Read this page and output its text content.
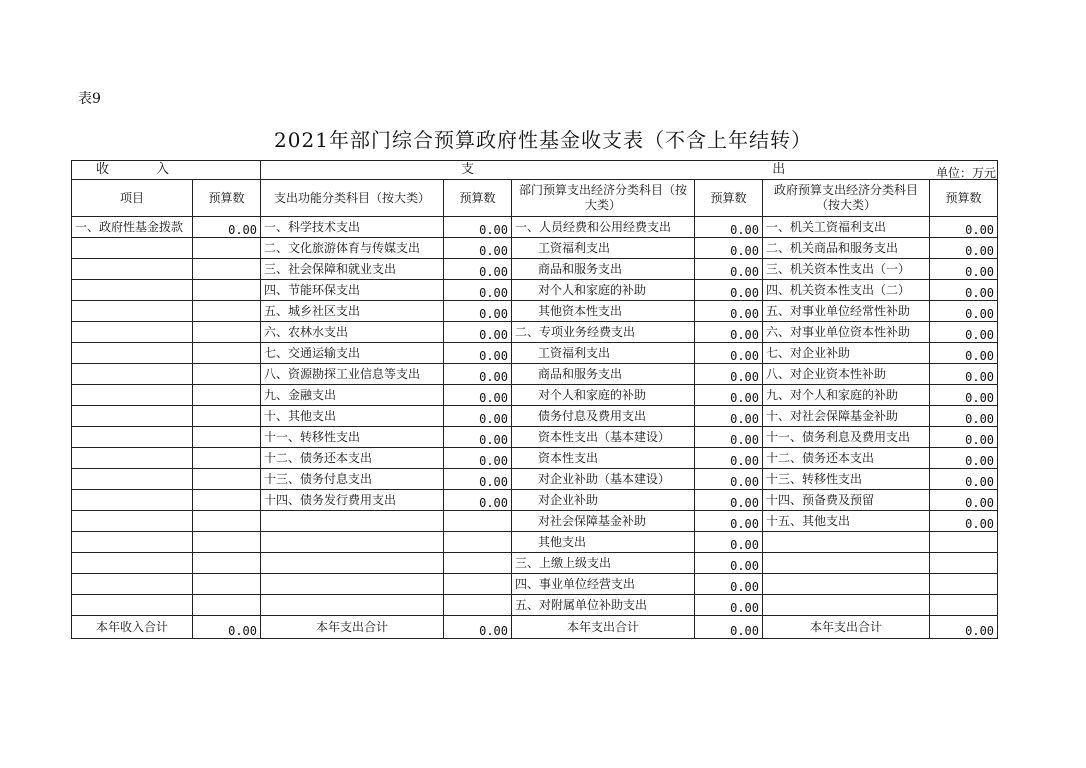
表9
2021年部门综合预算政府性基金收支表（不含上年结转）
单位：万元
收 入		支 出					
项目	预算数	支出功能分类科目（按大类）	预算数	部门预算支出经济分类科目（按大类）	预算数	政府预算支出经济分类科目（按大类）	预算数
一、政府性基金拨款	0.00	一、科学技术支出	0.00	一、人员经费和公用经费支出	0.00	一、机关工资福利支出	0.00
		二、文化旅游体育与传媒支出	0.00	工资福利支出	0.00	二、机关商品和服务支出	0.00
		三、社会保障和就业支出	0.00	商品和服务支出	0.00	三、机关资本性支出（一）	0.00
		四、节能环保支出	0.00	对个人和家庭的补助	0.00	四、机关资本性支出（二）	0.00
		五、城乡社区支出	0.00	其他资本性支出	0.00	五、对事业单位经常性补助	0.00
		六、农林水支出	0.00	二、专项业务经费支出	0.00	六、对事业单位资本性补助	0.00
		七、交通运输支出	0.00	工资福利支出	0.00	七、对企业补助	0.00
		八、资源勘探工业信息等支出	0.00	商品和服务支出	0.00	八、对企业资本性补助	0.00
		九、金融支出	0.00	对个人和家庭的补助	0.00	九、对个人和家庭的补助	0.00
		十、其他支出	0.00	债务付息及费用支出	0.00	十、对社会保障基金补助	0.00
		十一、转移性支出	0.00	资本性支出（基本建设）	0.00	十一、债务利息及费用支出	0.00
		十二、债务还本支出	0.00	资本性支出	0.00	十二、债务还本支出	0.00
		十三、债务付息支出	0.00	对企业补助（基本建设）	0.00	十三、转移性支出	0.00
		十四、债务发行费用支出	0.00	对企业补助	0.00	十四、预备费及预留	0.00
				对社会保障基金补助	0.00	十五、其他支出	0.00
				其他支出	0.00		
				三、上缴上级支出	0.00		
				四、事业单位经营支出	0.00		
				五、对附属单位补助支出	0.00		
本年收入合计	0.00	本年支出合计	0.00	本年支出合计	0.00	本年支出合计	0.00
